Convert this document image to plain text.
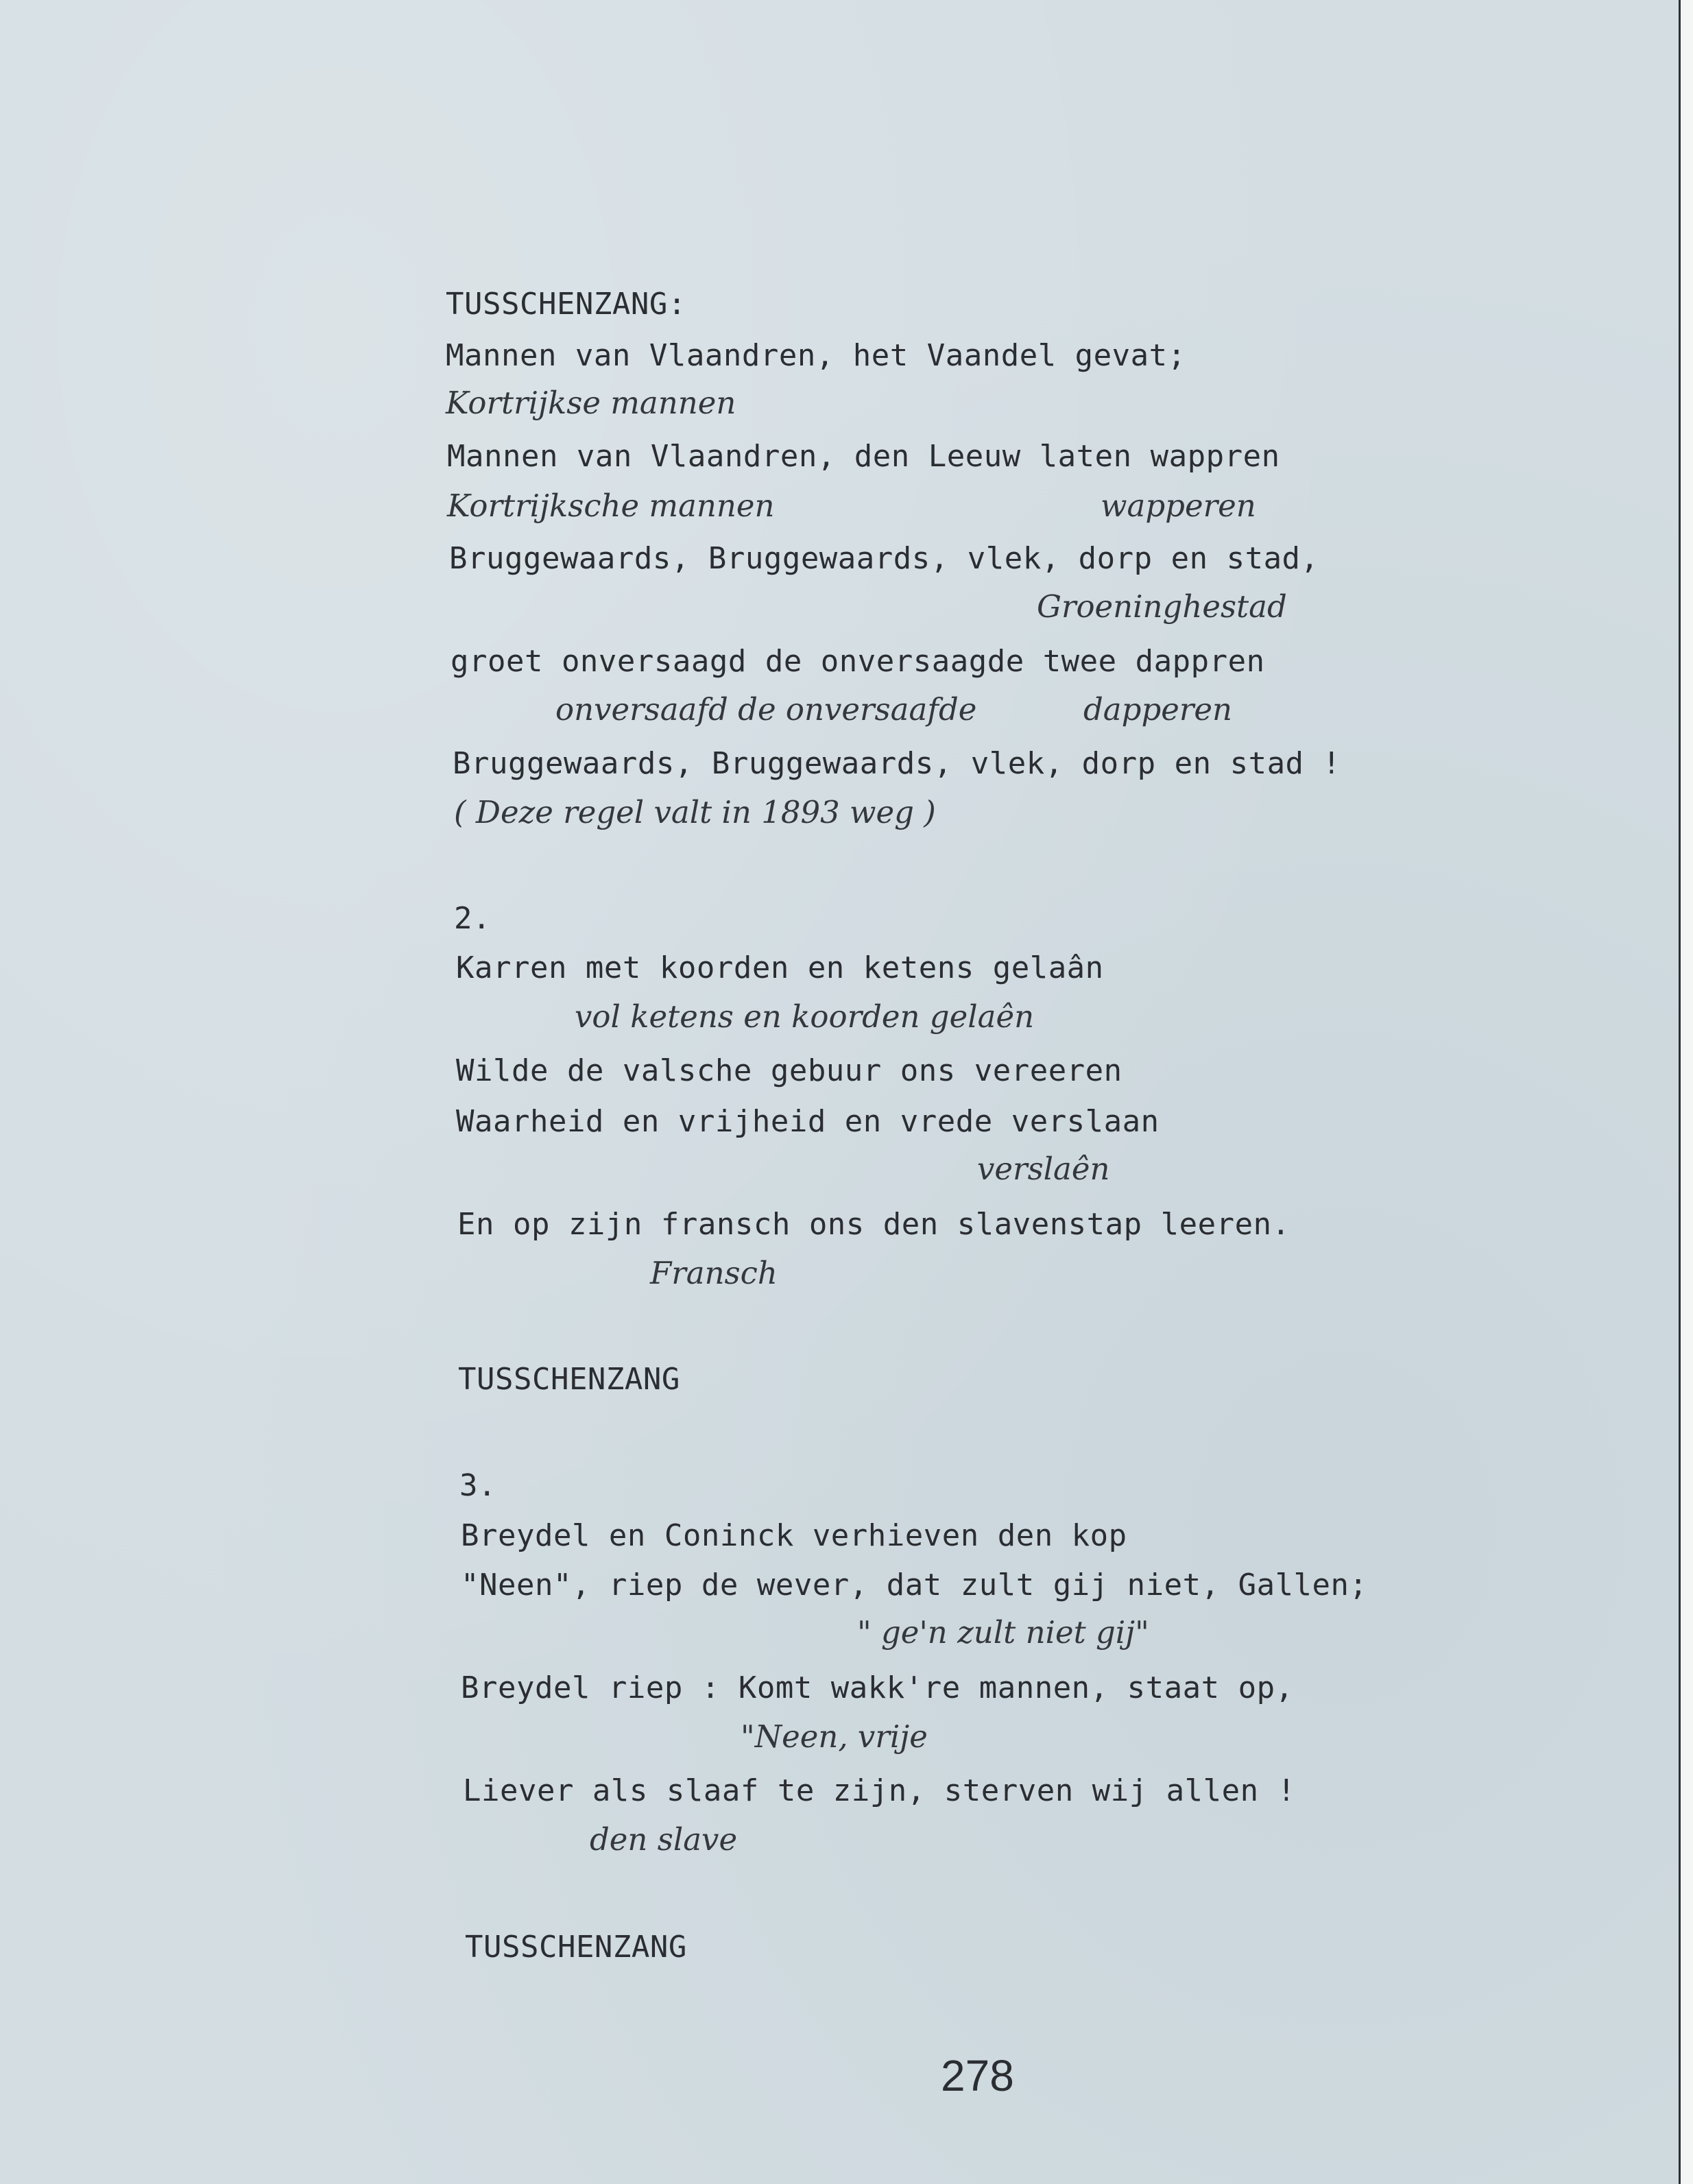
TUSSCHENZANG:
Mannen van Vlaandren, het Vaandel gevat;
Kortrijkse mannen
Mannen van Vlaandren, den Leeuw laten wappren
Kortrijksche mannen	wapperen
Bruggewaards, Bruggewaards, vlek, dorp en stad,
Groeninghestad
groet onversaagd de onversaagde twee dappren
onversaafd de onversaafde	dapperen
Bruggewaards, Bruggewaards, vlek, dorp en stad !
( Deze regel valt in 1893 weg )
2.
Karren met koorden en ketens gelaân
vol ketens en koorden gelaên
Wilde de valsche gebuur ons vereeren
Waarheid en vrijheid en vrede verslaan
verslaên
En op zijn fransch ons den slavenstap leeren.
Fransch
TUSSCHENZANG
3.
Breydel en Coninck verhieven den kop
"Neen", riep de wever, dat zult gij niet, Gallen;
" ge'n zult niet gij"
Breydel riep : Komt wakk're mannen, staat op,
"Neen, vrije
Liever als slaaf te zijn, sterven wij allen !
den slave
TUSSCHENZANG
278
